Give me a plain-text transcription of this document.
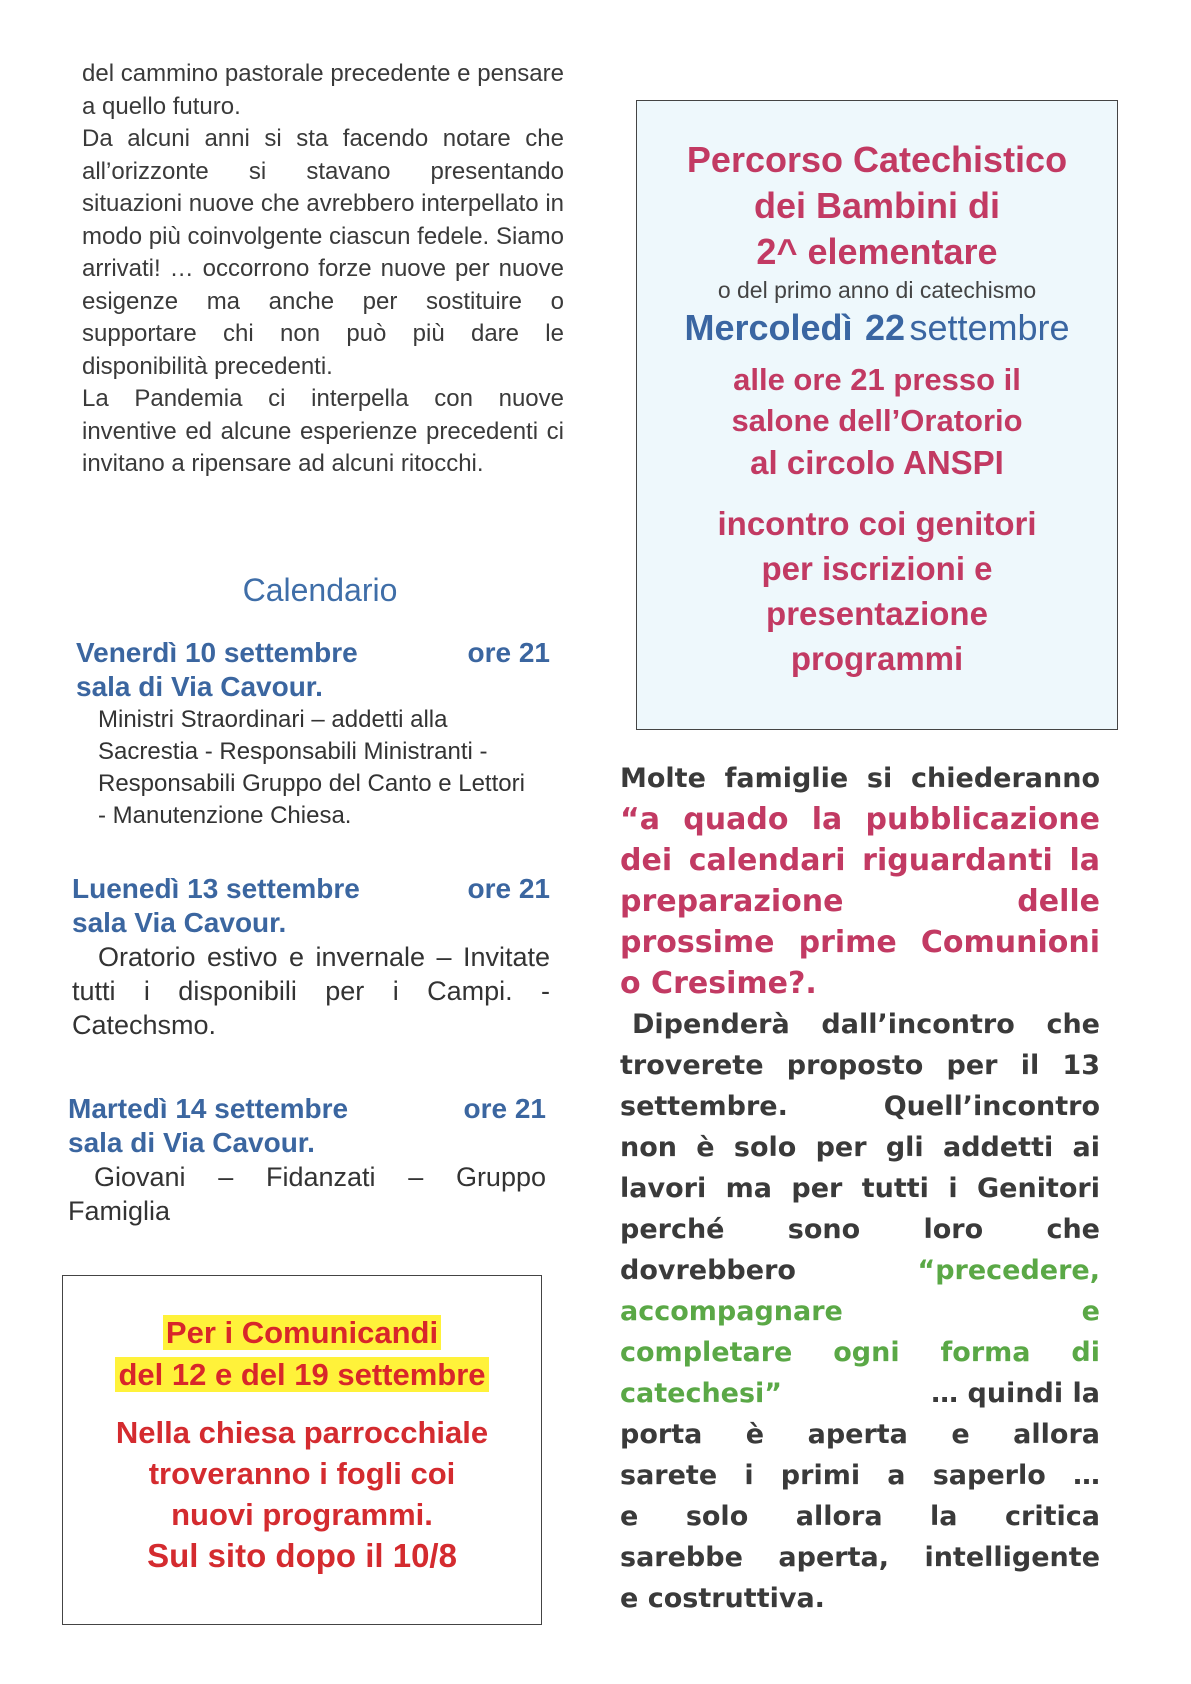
del cammino pastorale precedente e pensare a quello futuro.

Da alcuni anni si sta facendo notare che all’orizzonte si stavano presentando situazioni nuove che avrebbero interpellato in modo più coinvolgente ciascun fedele. Siamo arrivati! … occorrono forze nuove per nuove esigenze ma anche per sostituire o supportare chi non può più dare le disponibilità precedenti.

La Pandemia ci interpella con nuove inventive ed alcune esperienze precedenti ci invitano a ripensare ad alcuni ritocchi.

Calendario
Venerdì 10 settembre	ore 21
sala di Via Cavour.
Ministri Straordinari – addetti alla Sacrestia - Responsabili Ministranti - Responsabili Gruppo del Canto e Lettori - Manutenzione Chiesa.
Luenedì 13 settembre	ore 21
sala Via Cavour.
Oratorio estivo e invernale – Invitate tutti i disponibili per i Campi. - Catechsmo.
Martedì 14 settembre	ore 21
sala di Via Cavour.
Giovani – Fidanzati – Gruppo Famiglia
Per i Comunicandi
del 12 e del 19 settembre
Nella chiesa parrocchiale
troveranno i fogli coi
nuovi programmi.
Sul sito dopo il 10/8
Percorso Catechistico
dei Bambini di
2^ elementare
o del primo anno di catechismo
Mercoledì 22 settembre
alle ore 21 presso il
salone dell’Oratorio
al circolo ANSPI
incontro coi genitori
per iscrizioni e
presentazione
programmi
Molte famiglie si chiederanno
“a quado la pubblicazione
dei calendari riguardanti la
preparazione delle
prossime prime Comunioni
o Cresime?.
Dipenderà dall’incontro che
troverete proposto per il 13
settembre. Quell’incontro
non è solo per gli addetti ai
lavori ma per tutti i Genitori
perché sono loro che
dovrebbero	“precedere,
accompagnare e
completare ogni forma di
catechesi”	… quindi la
porta è aperta e allora
sarete i primi a saperlo …
e solo allora la critica
sarebbe aperta, intelligente
e costruttiva.
